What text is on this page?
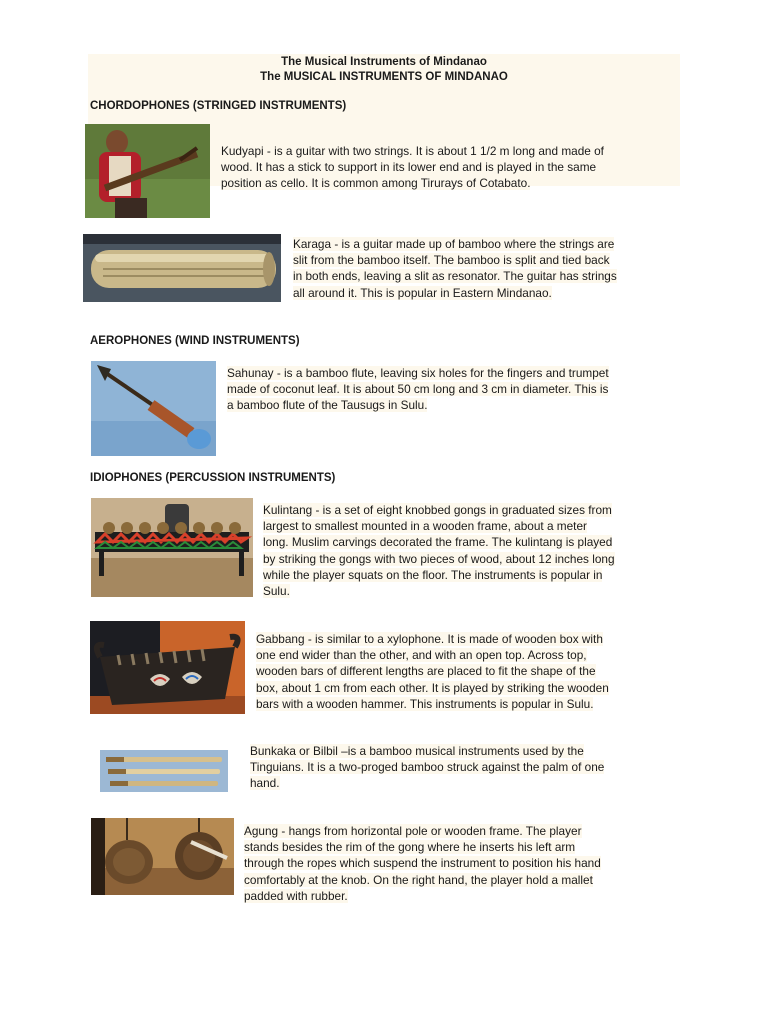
The Musical Instruments of Mindanao
The MUSICAL INSTRUMENTS OF MINDANAO
CHORDOPHONES (STRINGED INSTRUMENTS)
Kudyapi - is a guitar with two strings. It is about 1 1/2 m long and made of
wood. It has a stick to support in its lower end and is played in the same
position as cello. It is common among Tirurays of Cotabato.
Karaga - is a guitar made up of bamboo where the strings are
slit from the bamboo itself. The bamboo is split and tied back
in both ends, leaving a slit as resonator. The guitar has strings
all around it. This is popular in Eastern Mindanao.
AEROPHONES (WIND INSTRUMENTS)
Sahunay - is a bamboo flute, leaving six holes for the fingers and trumpet
made of coconut leaf. It is about 50 cm long and 3 cm in diameter. This is
a bamboo flute of the Tausugs in Sulu.
IDIOPHONES (PERCUSSION INSTRUMENTS)
Kulintang - is a set of eight knobbed gongs in graduated sizes from
largest to smallest mounted in a wooden frame, about a meter
long. Muslim carvings decorated the frame. The kulintang is played
by striking the gongs with two pieces of wood, about 12 inches long
while the player squats on the floor. The instruments is popular in
Sulu.
Gabbang - is similar to a xylophone. It is made of wooden box with
one end wider than the other, and with an open top. Across top,
wooden bars of different lengths are placed to fit the shape of the
box, about 1 cm from each other. It is played by striking the wooden
bars with a wooden hammer. This instruments is popular in Sulu.
Bunkaka or Bilbil –is a bamboo musical instruments used by the
Tinguians. It is a two-proged bamboo struck against the palm of one
hand.
Agung - hangs from horizontal pole or wooden frame. The player
stands besides the rim of the gong where he inserts his left arm
through the ropes which suspend the instrument to position his hand
comfortably at the knob. On the right hand, the player hold a mallet
padded with rubber.
